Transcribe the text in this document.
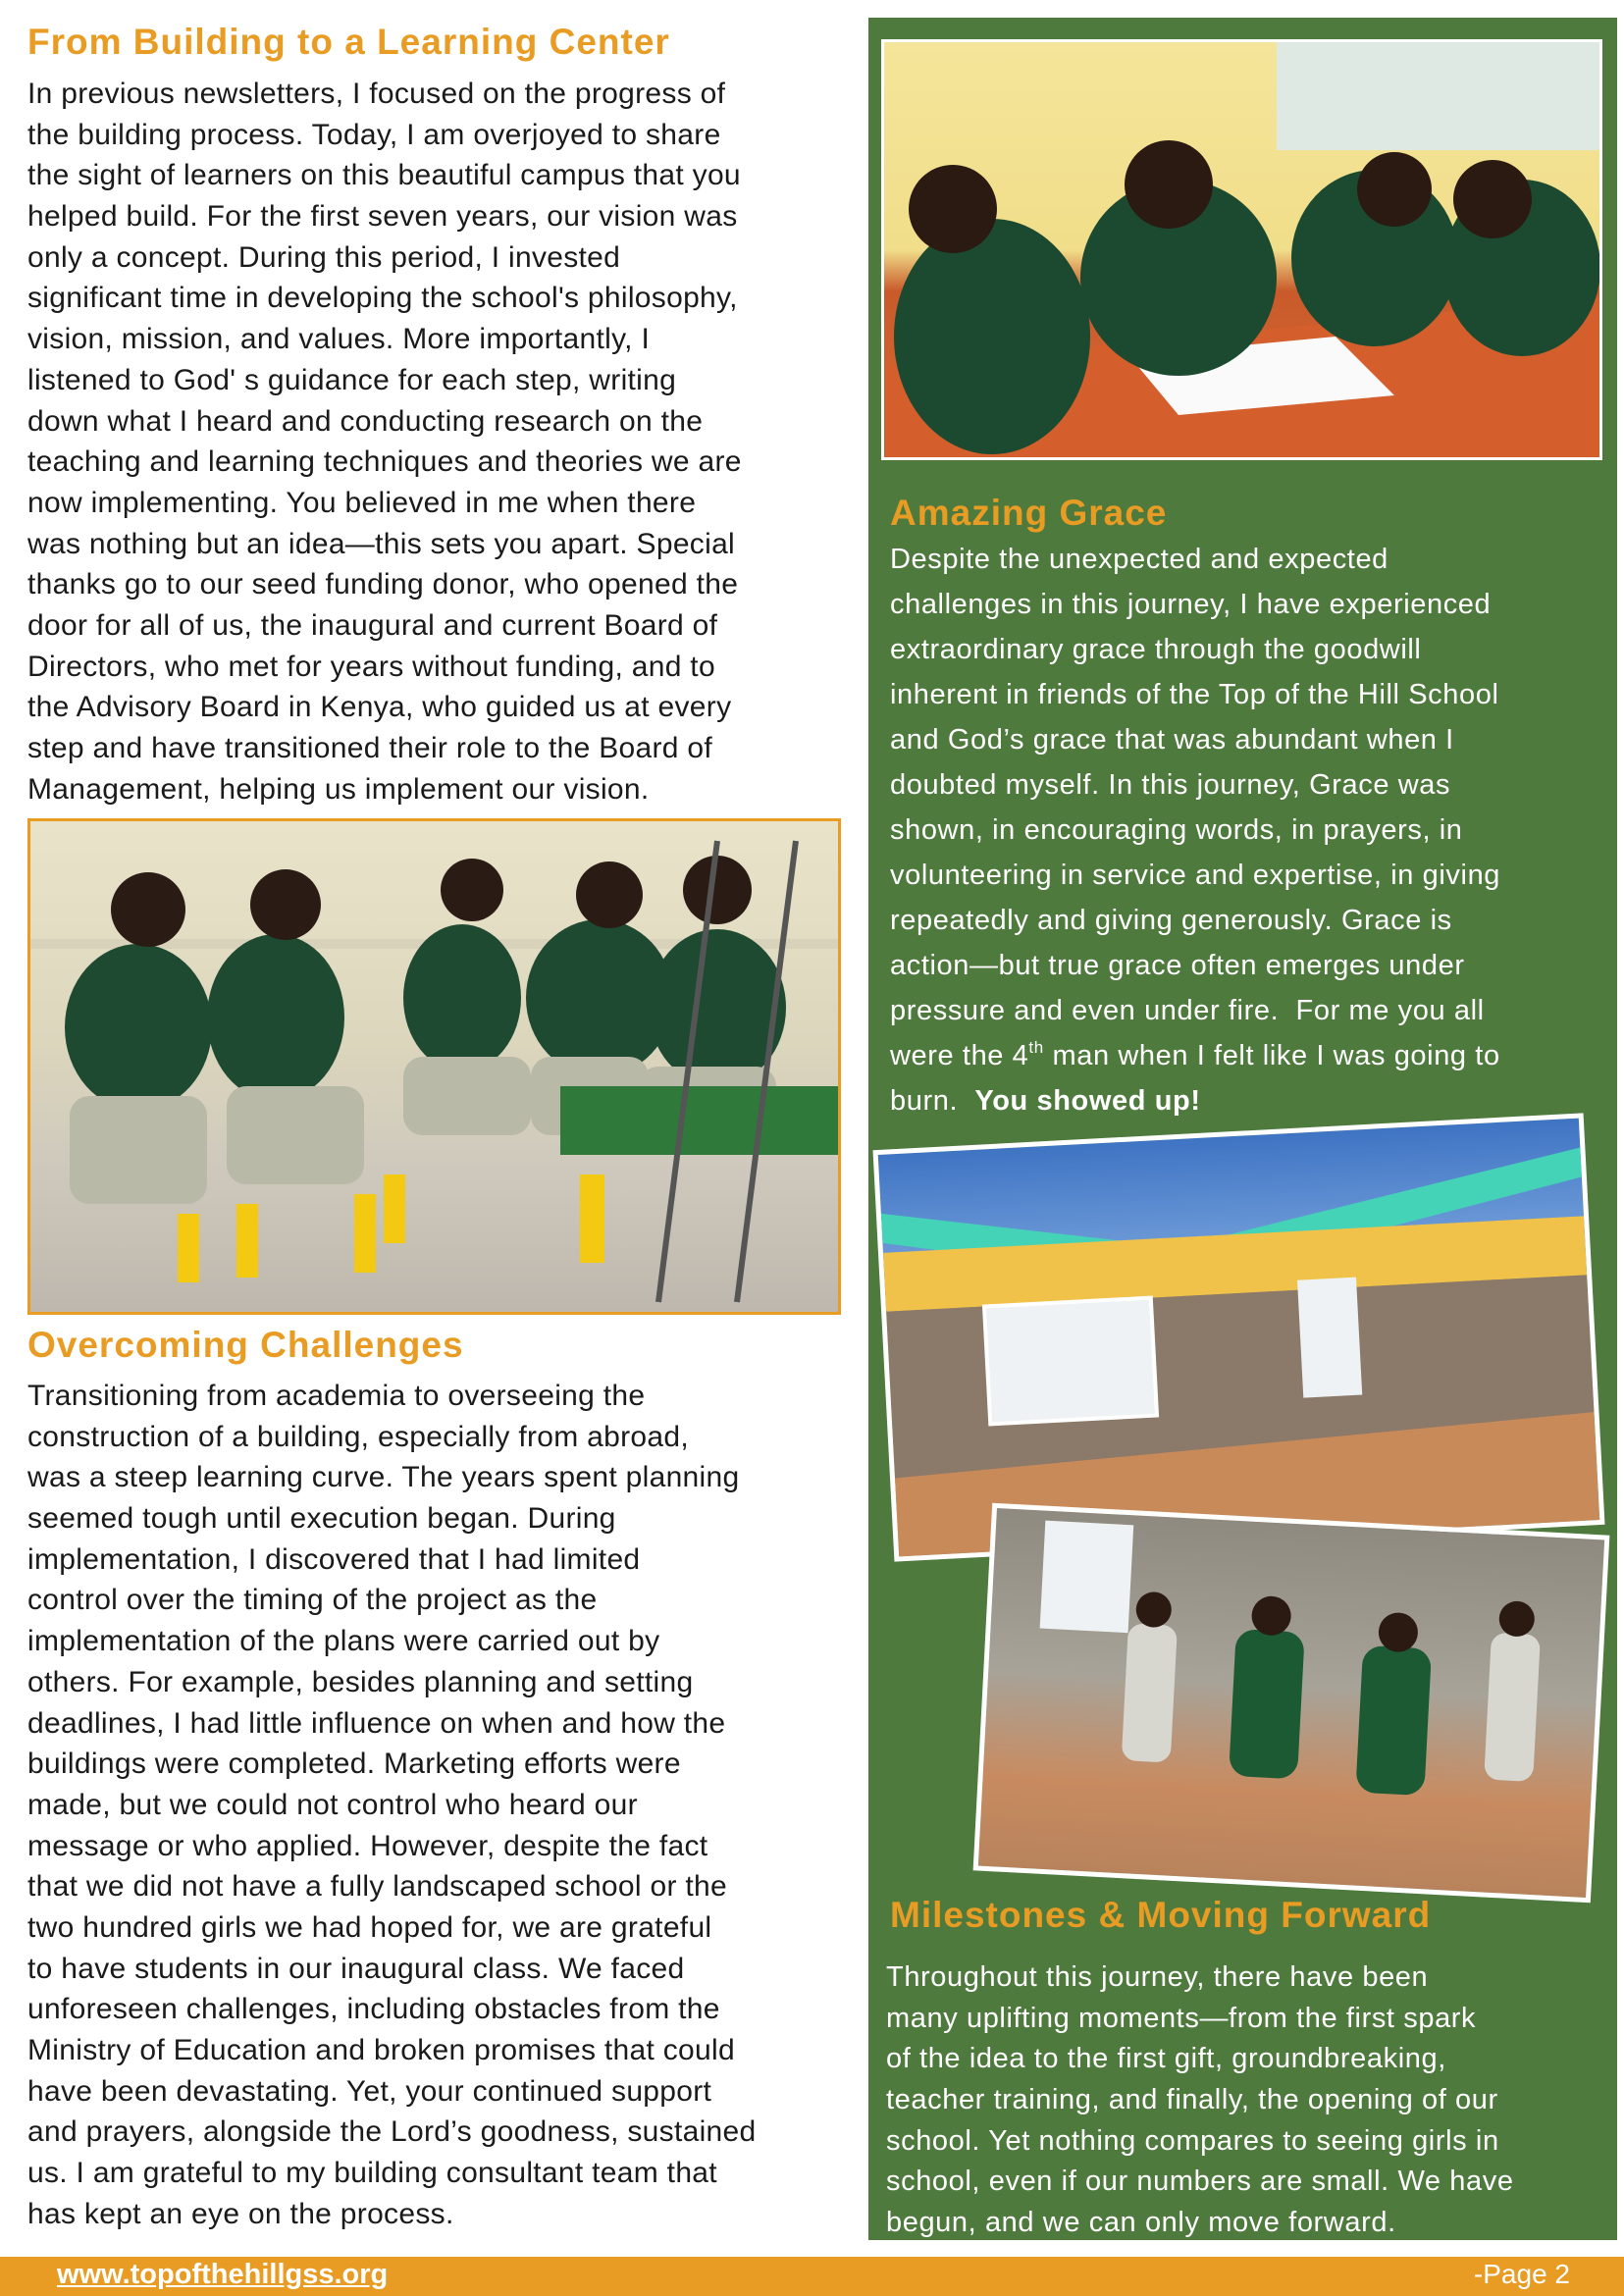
From Building to a Learning Center
In previous newsletters, I focused on the progress of
the building process. Today, I am overjoyed to share
the sight of learners on this beautiful campus that you
helped build. For the first seven years, our vision was
only a concept. During this period, I invested
significant time in developing the school's philosophy,
vision, mission, and values. More importantly, I
listened to God' s guidance for each step, writing
down what I heard and conducting research on the
teaching and learning techniques and theories we are
now implementing. You believed in me when there
was nothing but an idea—this sets you apart. Special
thanks go to our seed funding donor, who opened the
door for all of us, the inaugural and current Board of
Directors, who met for years without funding, and to
the Advisory Board in Kenya, who guided us at every
step and have transitioned their role to the Board of
Management, helping us implement our vision.
Overcoming Challenges
Transitioning from academia to overseeing the
construction of a building, especially from abroad,
was a steep learning curve. The years spent planning
seemed tough until execution began. During
implementation, I discovered that I had limited
control over the timing of the project as the
implementation of the plans were carried out by
others. For example, besides planning and setting
deadlines, I had little influence on when and how the
buildings were completed. Marketing efforts were
made, but we could not control who heard our
message or who applied. However, despite the fact
that we did not have a fully landscaped school or the
two hundred girls we had hoped for, we are grateful
to have students in our inaugural class. We faced
unforeseen challenges, including obstacles from the
Ministry of Education and broken promises that could
have been devastating. Yet, your continued support
and prayers, alongside the Lord’s goodness, sustained
us. I am grateful to my building consultant team that
has kept an eye on the process.
Amazing Grace
Despite the unexpected and expected
challenges in this journey, I have experienced
extraordinary grace through the goodwill
inherent in friends of the Top of the Hill School
and God’s grace that was abundant when I
doubted myself. In this journey, Grace was
shown, in encouraging words, in prayers, in
volunteering in service and expertise, in giving
repeatedly and giving generously. Grace is
action—but true grace often emerges under
pressure and even under fire.  For me you all
were the 4th man when I felt like I was going to
burn.  You showed up!
Milestones & Moving Forward
Throughout this journey, there have been
many uplifting moments—from the first spark
of the idea to the first gift, groundbreaking,
teacher training, and finally, the opening of our
school. Yet nothing compares to seeing girls in
school, even if our numbers are small. We have
begun, and we can only move forward.
www.topofthehillgss.org	-Page 2
